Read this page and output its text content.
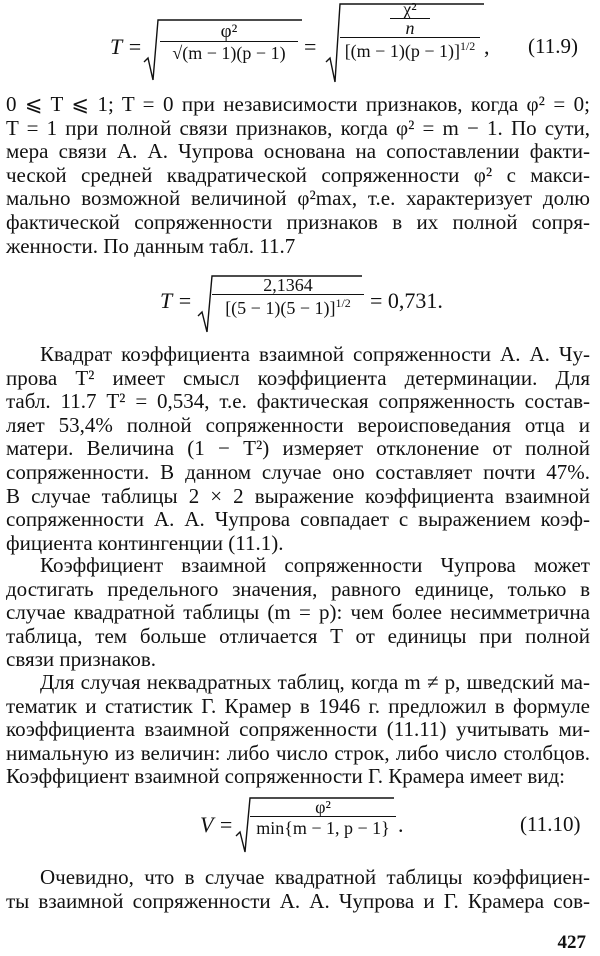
T =
φ²
√(m − 1)(p − 1) =
χ²
n
$[(m - 1)(p - 1)]^{1/2}$ , (11.9)
0 ⩽ T ⩽ 1; T = 0 при независимости признаков, когда φ² = 0;
T = 1 при полной связи признаков, когда φ² = m − 1. По сути,
мера связи А. А. Чупрова основана на сопоставлении факти-
ческой средней квадратической сопряженности φ² с макси-
мально возможной величиной φ²max, т.е. характеризует долю
фактической сопряженности признаков в их полной сопря-
женности. По данным табл. 11.7
T =
2,1364
$[(5 - 1)(5 - 1)]^{1/2} = 0,731$.
Квадрат коэффициента взаимной сопряженности А. А. Чу-
прова T² имеет смысл коэффициента детерминации. Для
табл. 11.7 T² = 0,534, т.е. фактическая сопряженность состав-
ляет 53,4% полной сопряженности вероисповедания отца и
матери. Величина (1 − T²) измеряет отклонение от полной
сопряженности. В данном случае оно составляет почти 47%.
В случае таблицы 2 × 2 выражение коэффициента взаимной
сопряженности А. А. Чупрова совпадает с выражением коэф-
фициента контингенции (11.1).
Коэффициент взаимной сопряженности Чупрова может
достигать предельного значения, равного единице, только в
случае квадратной таблицы (m = p): чем более несимметрична
таблица, тем больше отличается T от единицы при полной
связи признаков.
Для случая неквадратных таблиц, когда m ≠ p, шведский ма-
тематик и статистик Г. Крамер в 1946 г. предложил в формуле
коэффициента взаимной сопряженности (11.11) учитывать ми-
нимальную из величин: либо число строк, либо число столбцов.
Коэффициент взаимной сопряженности Г. Крамера имеет вид:
V =
φ²
min{m − 1, p − 1} .	(11.10)
Очевидно, что в случае квадратной таблицы коэффициен-
ты взаимной сопряженности А. А. Чупрова и Г. Крамера сов-
427
